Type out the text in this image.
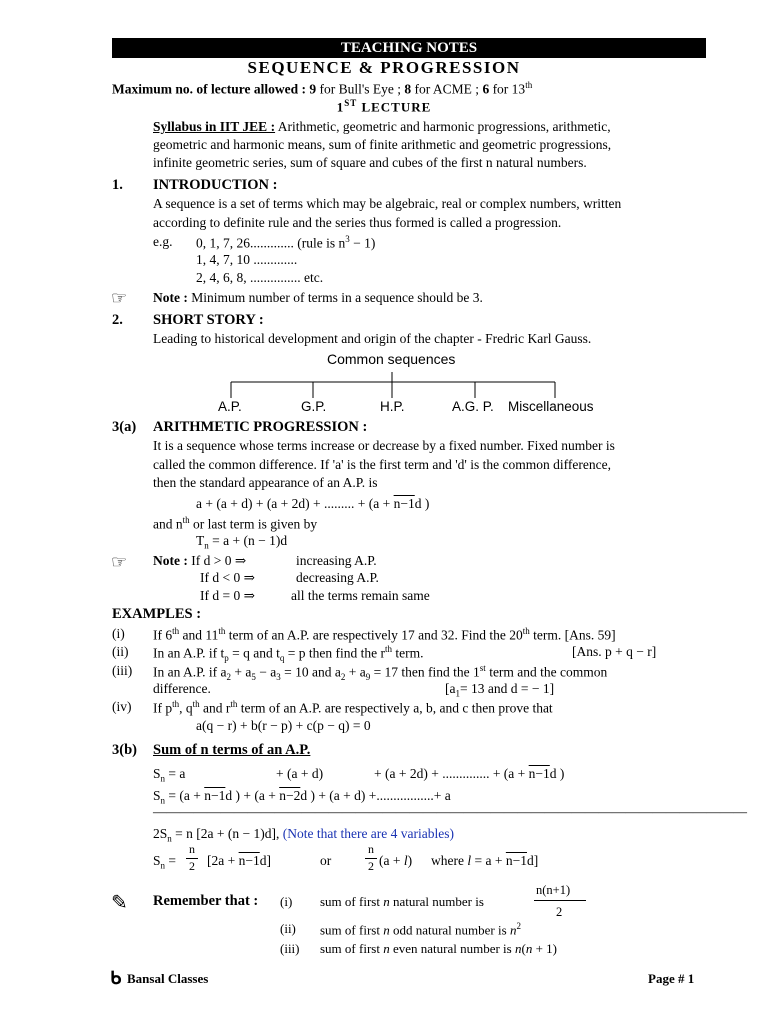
TEACHING NOTES
SEQUENCE & PROGRESSION
Maximum no. of lecture allowed : 9 for Bull's Eye ; 8 for ACME ; 6 for 13th
1ST LECTURE
Syllabus in IIT JEE : Arithmetic, geometric and harmonic progressions, arithmetic,
geometric and harmonic means, sum of finite arithmetic and geometric progressions,
infinite geometric series, sum of square and cubes of the first n natural numbers.
1. INTRODUCTION :
A sequence is a set of terms which may be algebraic, real or complex numbers, written
according to definite rule and the series thus formed is called a progression.
e.g. 0, 1, 7, 26............. (rule is $n^3 - 1$)
1, 4, 7, 10 .............
2, 4, 6, 8, ............... etc.
☞ Note : Minimum number of terms in a sequence should be 3.
2. SHORT STORY :
Leading to historical development and origin of the chapter - Fredric Karl Gauss.
Common sequences
A.P.	G.P.	H.P.	A.G. P. Miscellaneous
3(a) ARITHMETIC PROGRESSION :
It is a sequence whose terms increase or decrease by a fixed number. Fixed number is
called the common difference. If 'a' is the first term and 'd' is the common difference,
then the standard appearance of an A.P. is
a + (a + d) + (a + 2d) + ......... + (a + n−1d )
and $n^{th}$ or last term is given by
$T_n = a + (n - 1)d$
☞ Note : If d > 0 ⇒	increasing A.P.
If d < 0 ⇒	decreasing A.P.
If d = 0 ⇒	all the terms remain same
EXAMPLES :
(i) If 6th and 11th term of an A.P. are respectively 17 and 32. Find the 20th term. [Ans. 59]
(ii) In an A.P. if $t_p = q$ and $t_q = p$ then find the $r^{th}$ term.	[Ans. p + q − r]
(iii) In an A.P. if $a_2 + a_5 - a_3 = 10$ and $a_2 + a_9 = 17$ then find the 1st term and the common
difference.	[$a_1= 13$ and d = − 1]
(iv) If $p^{th}$, $q^{th}$ and $r^{th}$ term of an A.P. are respectively a, b, and c then prove that
a(q − r) + b(r − p) + c(p − q) = 0
3(b) Sum of n terms of an A.P.
$S_n = a$	+ (a + d)	+ (a + 2d) + .............. + (a + n−1d )
$S_n = (a + n-1d$ ) + (a + n−2d ) + (a + d) +.................+ a
————————————————————————————————————————————
$2S_n = n$ [2a + (n − 1)d], (Note that there are 4 variables)
$S_n$ =
n
2 [2a + n−1d]	or
n
2 (a + l) where l = a + n−1d]
✎ Remember that : (i) sum of first n natural number is
n(n+1)
2
(ii) sum of first n odd natural number is $n^2$
(iii) sum of first n even natural number is n(n + 1)
ᑲ Bansal Classes	Page # 1
